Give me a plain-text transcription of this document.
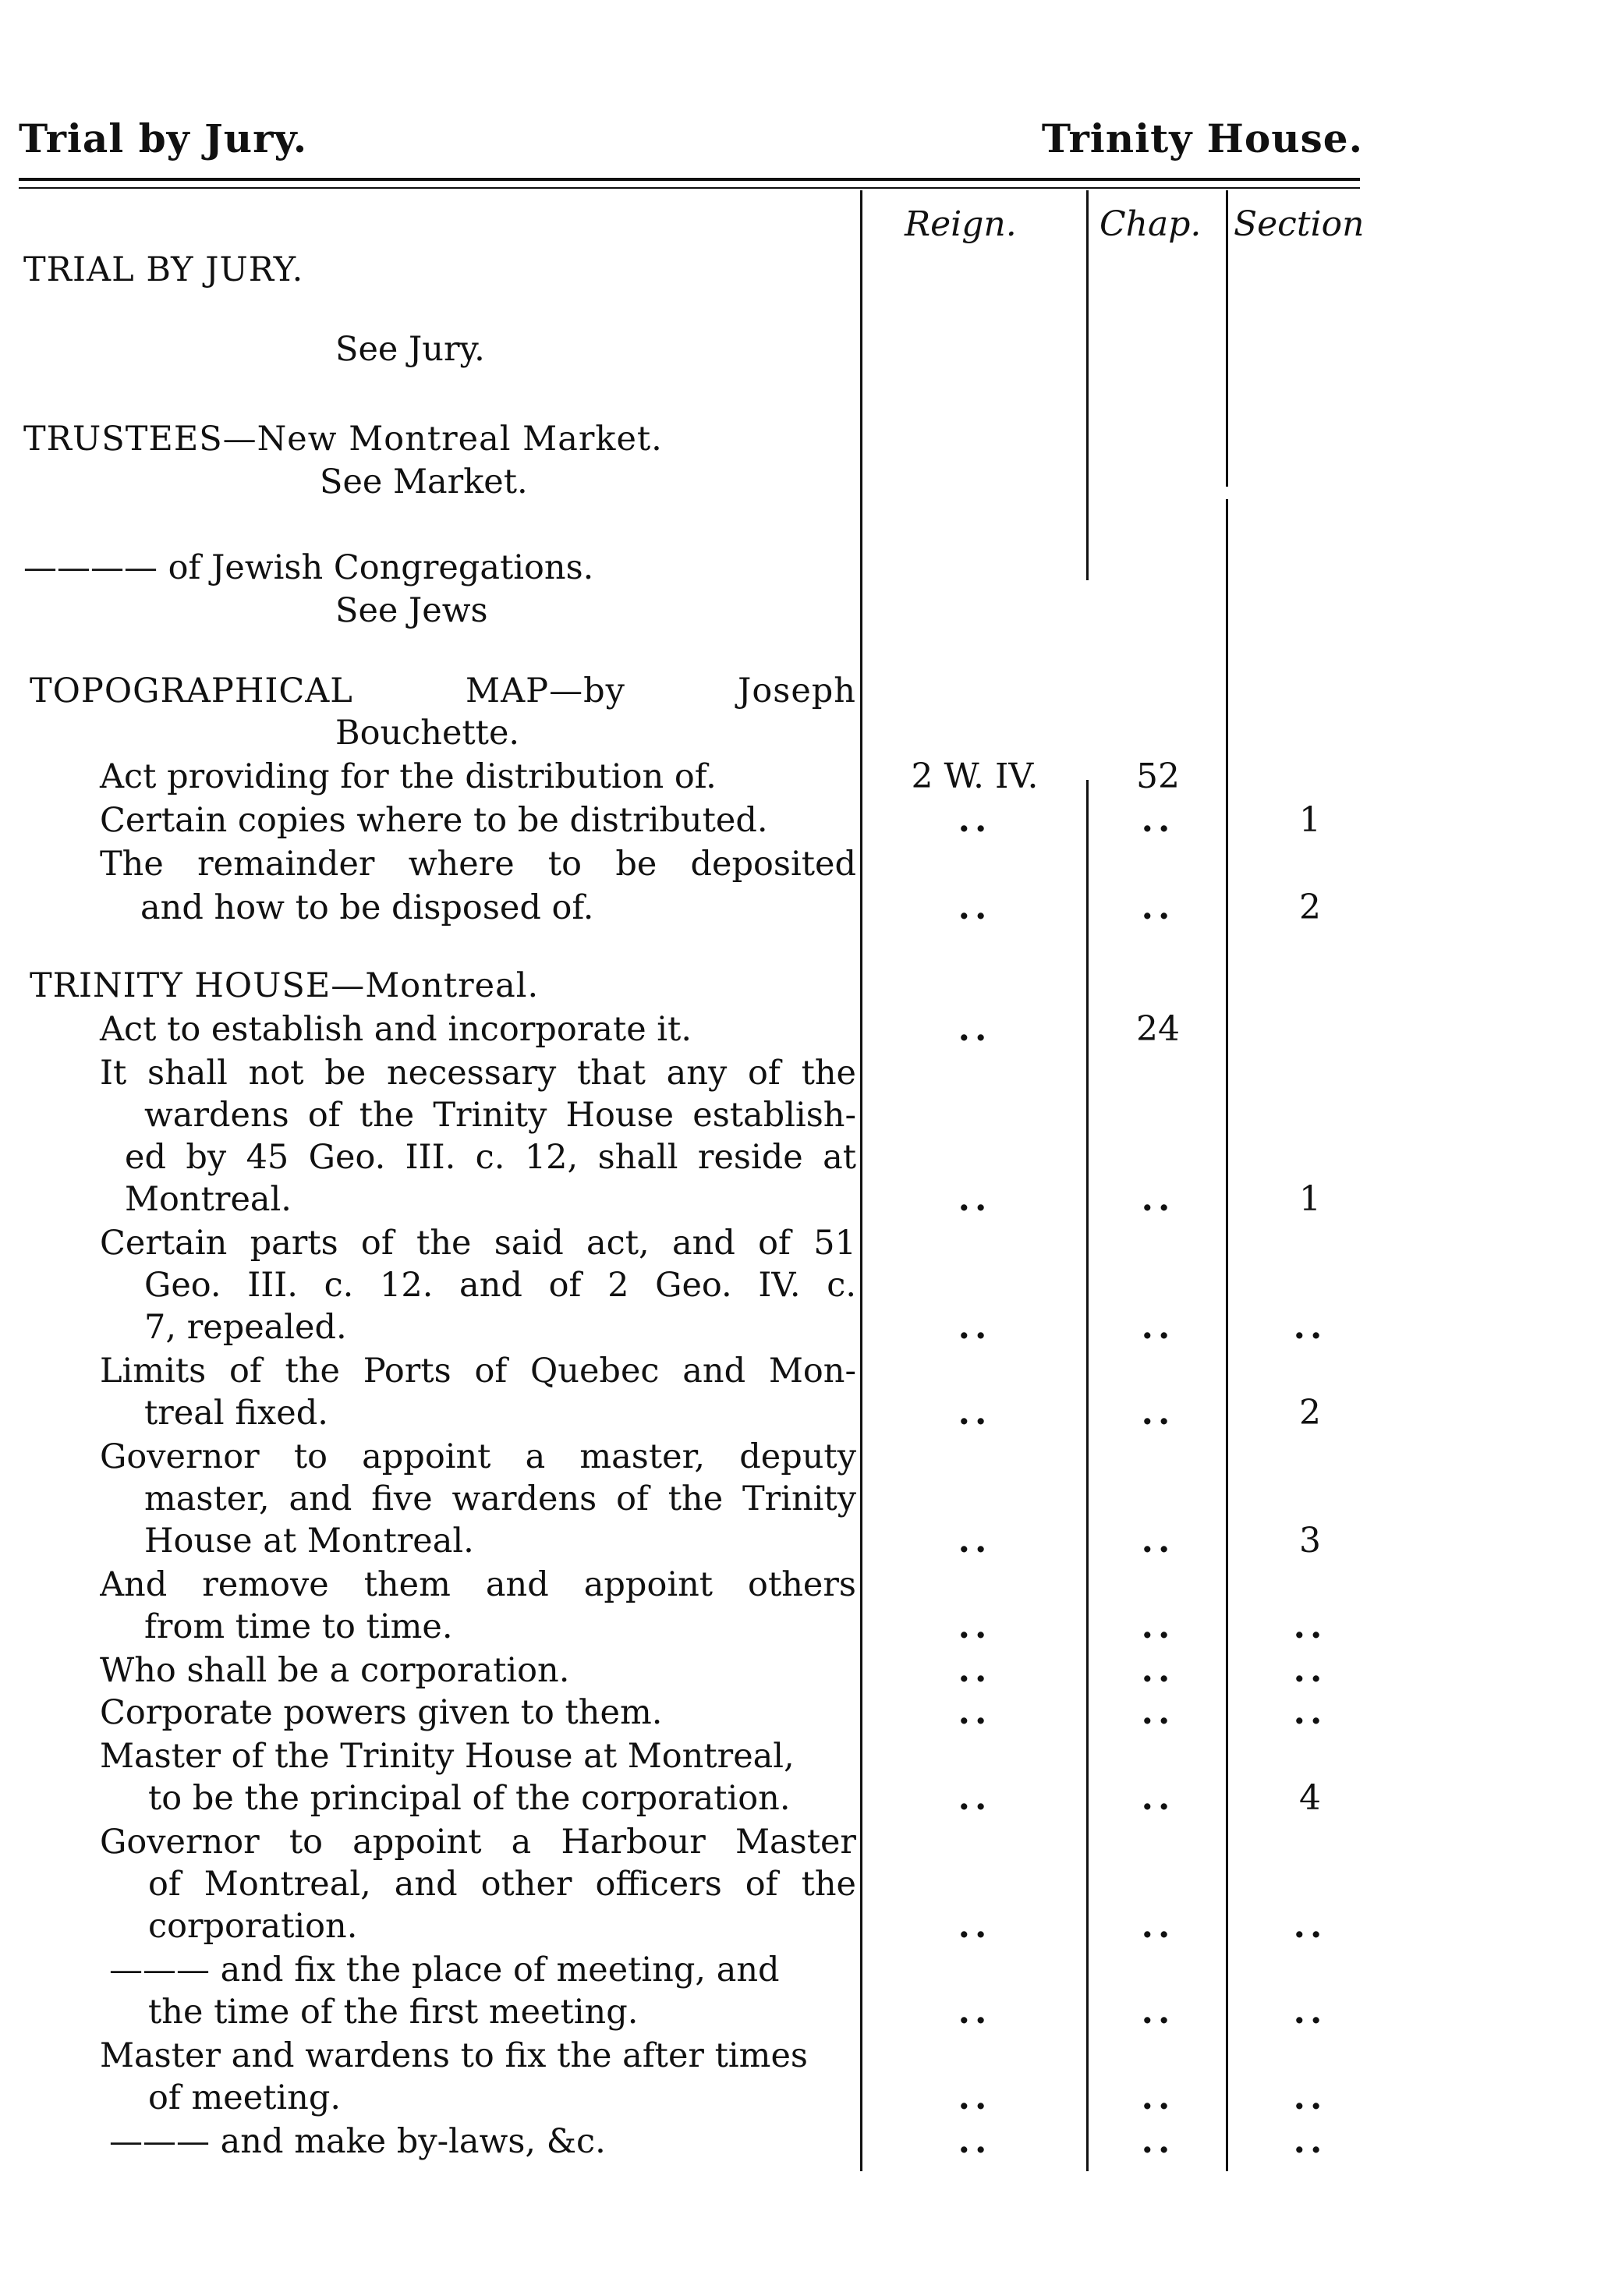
Trial by Jury.	Trinity House.
Reign. Chap. Section
TRIAL BY JURY.
See Jury.
TRUSTEES—New Montreal Market.
See Market.
———— of Jewish Congregations.
See Jews
TOPOGRAPHICAL MAP—by Joseph
Bouchette.
Act providing for the distribution of.	2 W. IV.	52
Certain copies where to be distributed.	..	..	1
The remainder where to be deposited
and how to be disposed of.	..	..	2
TRINITY HOUSE—Montreal.
Act to establish and incorporate it.	..	24
It shall not be necessary that any of the
wardens of the Trinity House establish-
ed by 45 Geo. III. c. 12, shall reside at
Montreal.	..	..	1
Certain parts of the said act, and of 51
Geo. III. c. 12. and of 2 Geo. IV. c.
7, repealed.	..	..	..
Limits of the Ports of Quebec and Mon-
treal fixed.	..	..	2
Governor to appoint a master, deputy
master, and five wardens of the Trinity
House at Montreal.	..	..	3
And remove them and appoint others
from time to time.	..	..	..
Who shall be a corporation.	..	..	..
Corporate powers given to them.	..	..	..
Master of the Trinity House at Montreal,
to be the principal of the corporation.	..	..	4
Governor to appoint a Harbour Master
of Montreal, and other officers of the
corporation.	..	..	..
——— and fix the place of meeting, and
the time of the first meeting.	..	..	..
Master and wardens to fix the after times
of meeting.	..	..	..
——— and make by-laws, &c.	..	..	..
